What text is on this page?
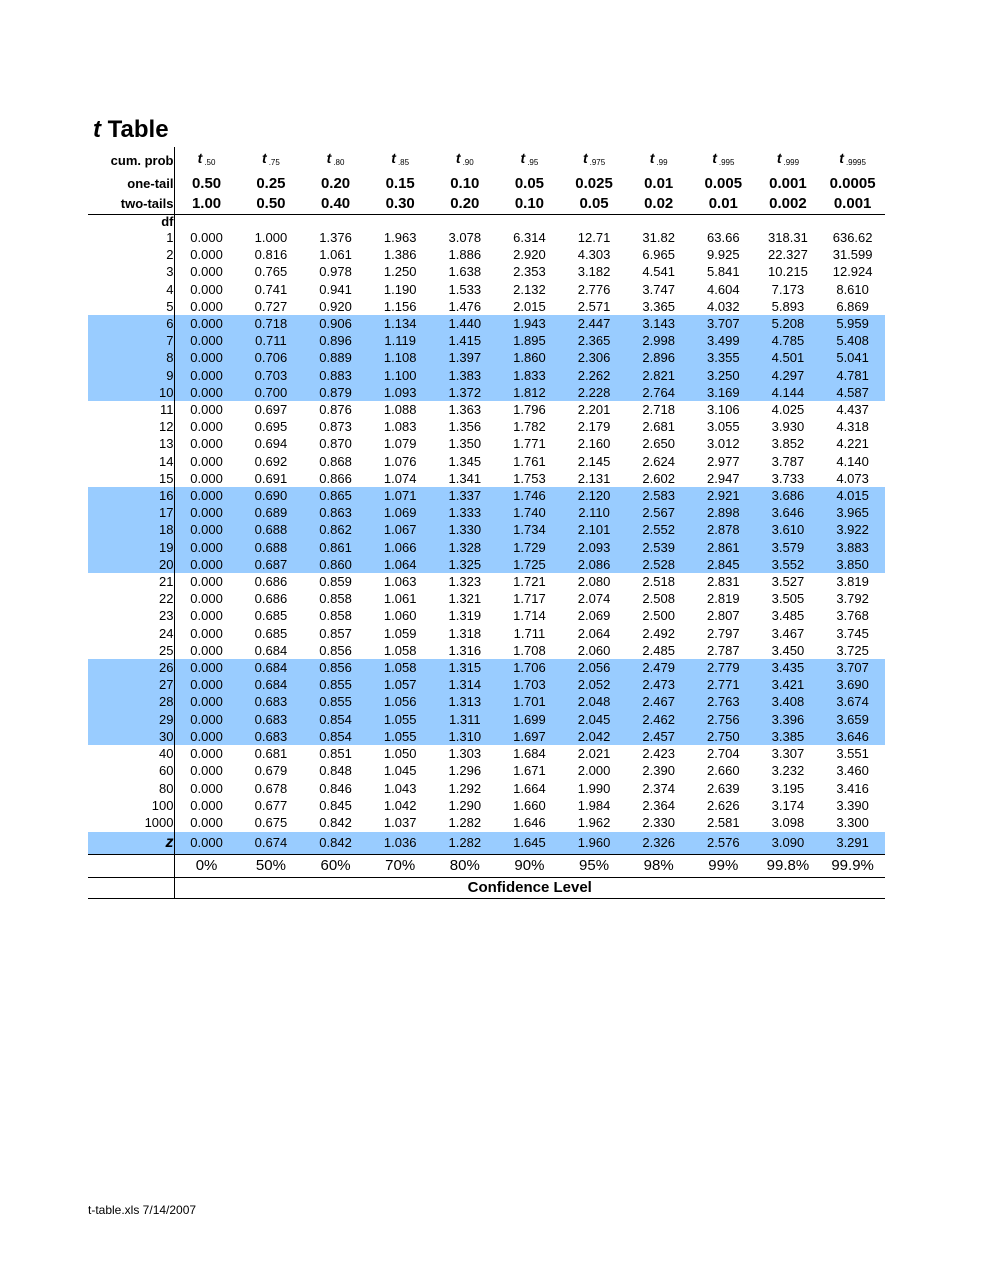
t Table
cum. prob	t $_{.50}$	t $_{.75}$	t $_{.80}$	t $_{.85}$	t $_{.90}$	t $_{.95}$	t $_{.975}$	t $_{.99}$	t $_{.995}$	t $_{.999}$	t $_{.9995}$
one-tail	0.50	0.25	0.20	0.15	0.10	0.05	0.025	0.01	0.005	0.001	0.0005
two-tails	1.00	0.50	0.40	0.30	0.20	0.10	0.05	0.02	0.01	0.002	0.001
df											
1	0.000	1.000	1.376	1.963	3.078	6.314	12.71	31.82	63.66	318.31	636.62
2	0.000	0.816	1.061	1.386	1.886	2.920	4.303	6.965	9.925	22.327	31.599
3	0.000	0.765	0.978	1.250	1.638	2.353	3.182	4.541	5.841	10.215	12.924
4	0.000	0.741	0.941	1.190	1.533	2.132	2.776	3.747	4.604	7.173	8.610
5	0.000	0.727	0.920	1.156	1.476	2.015	2.571	3.365	4.032	5.893	6.869
6	0.000	0.718	0.906	1.134	1.440	1.943	2.447	3.143	3.707	5.208	5.959
7	0.000	0.711	0.896	1.119	1.415	1.895	2.365	2.998	3.499	4.785	5.408
8	0.000	0.706	0.889	1.108	1.397	1.860	2.306	2.896	3.355	4.501	5.041
9	0.000	0.703	0.883	1.100	1.383	1.833	2.262	2.821	3.250	4.297	4.781
10	0.000	0.700	0.879	1.093	1.372	1.812	2.228	2.764	3.169	4.144	4.587
11	0.000	0.697	0.876	1.088	1.363	1.796	2.201	2.718	3.106	4.025	4.437
12	0.000	0.695	0.873	1.083	1.356	1.782	2.179	2.681	3.055	3.930	4.318
13	0.000	0.694	0.870	1.079	1.350	1.771	2.160	2.650	3.012	3.852	4.221
14	0.000	0.692	0.868	1.076	1.345	1.761	2.145	2.624	2.977	3.787	4.140
15	0.000	0.691	0.866	1.074	1.341	1.753	2.131	2.602	2.947	3.733	4.073
16	0.000	0.690	0.865	1.071	1.337	1.746	2.120	2.583	2.921	3.686	4.015
17	0.000	0.689	0.863	1.069	1.333	1.740	2.110	2.567	2.898	3.646	3.965
18	0.000	0.688	0.862	1.067	1.330	1.734	2.101	2.552	2.878	3.610	3.922
19	0.000	0.688	0.861	1.066	1.328	1.729	2.093	2.539	2.861	3.579	3.883
20	0.000	0.687	0.860	1.064	1.325	1.725	2.086	2.528	2.845	3.552	3.850
21	0.000	0.686	0.859	1.063	1.323	1.721	2.080	2.518	2.831	3.527	3.819
22	0.000	0.686	0.858	1.061	1.321	1.717	2.074	2.508	2.819	3.505	3.792
23	0.000	0.685	0.858	1.060	1.319	1.714	2.069	2.500	2.807	3.485	3.768
24	0.000	0.685	0.857	1.059	1.318	1.711	2.064	2.492	2.797	3.467	3.745
25	0.000	0.684	0.856	1.058	1.316	1.708	2.060	2.485	2.787	3.450	3.725
26	0.000	0.684	0.856	1.058	1.315	1.706	2.056	2.479	2.779	3.435	3.707
27	0.000	0.684	0.855	1.057	1.314	1.703	2.052	2.473	2.771	3.421	3.690
28	0.000	0.683	0.855	1.056	1.313	1.701	2.048	2.467	2.763	3.408	3.674
29	0.000	0.683	0.854	1.055	1.311	1.699	2.045	2.462	2.756	3.396	3.659
30	0.000	0.683	0.854	1.055	1.310	1.697	2.042	2.457	2.750	3.385	3.646
40	0.000	0.681	0.851	1.050	1.303	1.684	2.021	2.423	2.704	3.307	3.551
60	0.000	0.679	0.848	1.045	1.296	1.671	2.000	2.390	2.660	3.232	3.460
80	0.000	0.678	0.846	1.043	1.292	1.664	1.990	2.374	2.639	3.195	3.416
100	0.000	0.677	0.845	1.042	1.290	1.660	1.984	2.364	2.626	3.174	3.390
1000	0.000	0.675	0.842	1.037	1.282	1.646	1.962	2.330	2.581	3.098	3.300
z	0.000	0.674	0.842	1.036	1.282	1.645	1.960	2.326	2.576	3.090	3.291
	0%	50%	60%	70%	80%	90%	95%	98%	99%	99.8%	99.9%
	Confidence Level										
t-table.xls 7/14/2007
